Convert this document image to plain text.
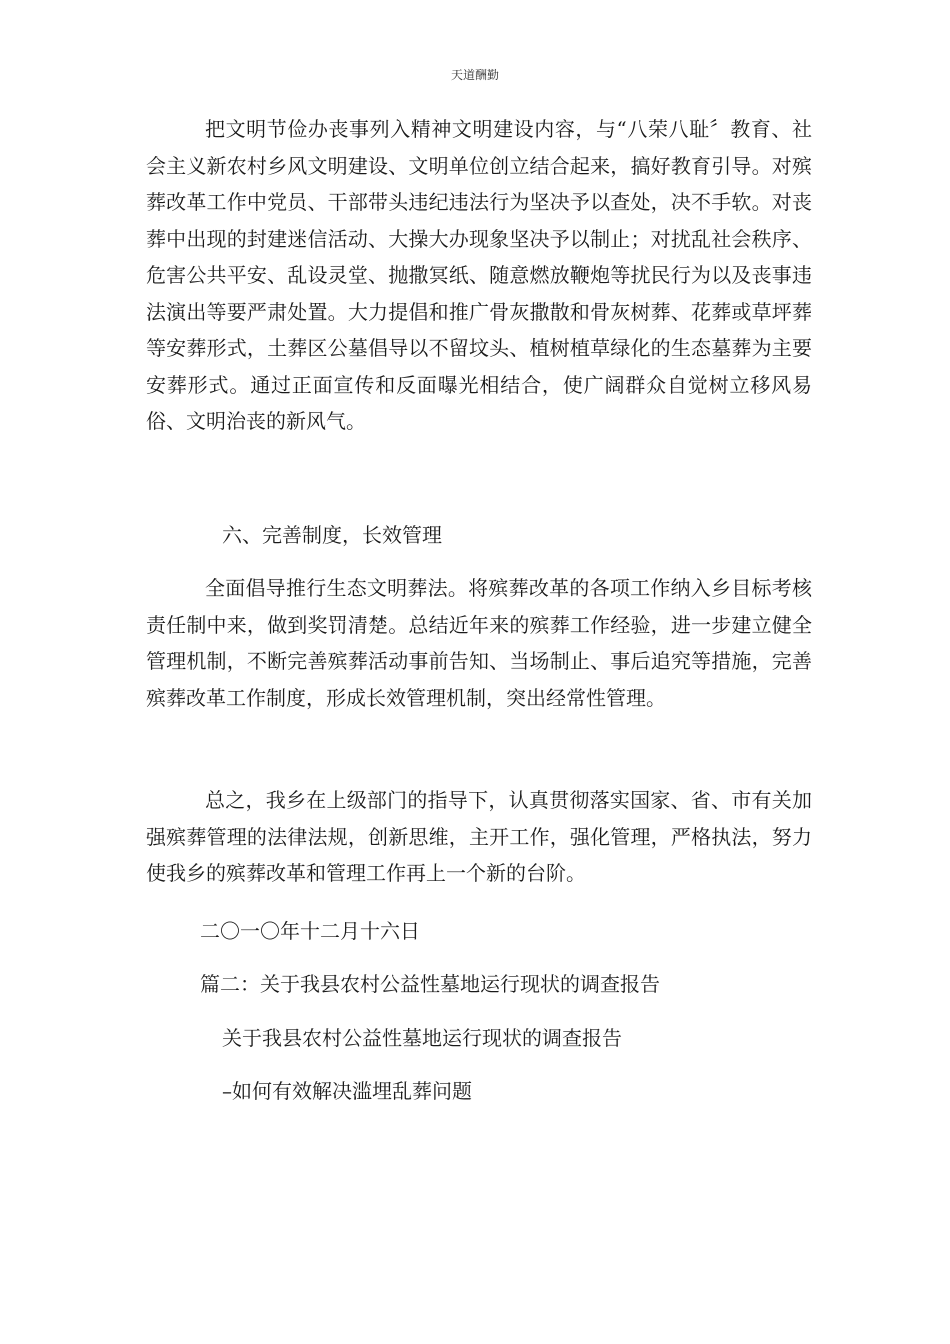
天道酬勤

把文明节俭办丧事列入精神文明建设内容，与“八荣八耻〞教育、社会主义新农村乡风文明建设、文明单位创立结合起来，搞好教育引导。对殡葬改革工作中党员、干部带头违纪违法行为坚决予以查处，决不手软。对丧葬中出现的封建迷信活动、大操大办现象坚决予以制止；对扰乱社会秩序、危害公共平安、乱设灵堂、抛撒冥纸、随意燃放鞭炮等扰民行为以及丧事违法演出等要严肃处置。大力提倡和推广骨灰撒散和骨灰树葬、花葬或草坪葬等安葬形式，土葬区公墓倡导以不留坟头、植树植草绿化的生态墓葬为主要安葬形式。通过正面宣传和反面曝光相结合，使广阔群众自觉树立移风易俗、文明治丧的新风气。

六、完善制度，长效管理

全面倡导推行生态文明葬法。将殡葬改革的各项工作纳入乡目标考核责任制中来，做到奖罚清楚。总结近年来的殡葬工作经验，进一步建立健全管理机制，不断完善殡葬活动事前告知、当场制止、事后追究等措施，完善殡葬改革工作制度，形成长效管理机制，突出经常性管理。

总之，我乡在上级部门的指导下，认真贯彻落实国家、省、市有关加强殡葬管理的法律法规，创新思维，主开工作，强化管理，严格执法，努力使我乡的殡葬改革和管理工作再上一个新的台阶。

二〇一〇年十二月十六日

篇二：关于我县农村公益性墓地运行现状的调查报告

关于我县农村公益性墓地运行现状的调查报告

–如何有效解决滥埋乱葬问题
